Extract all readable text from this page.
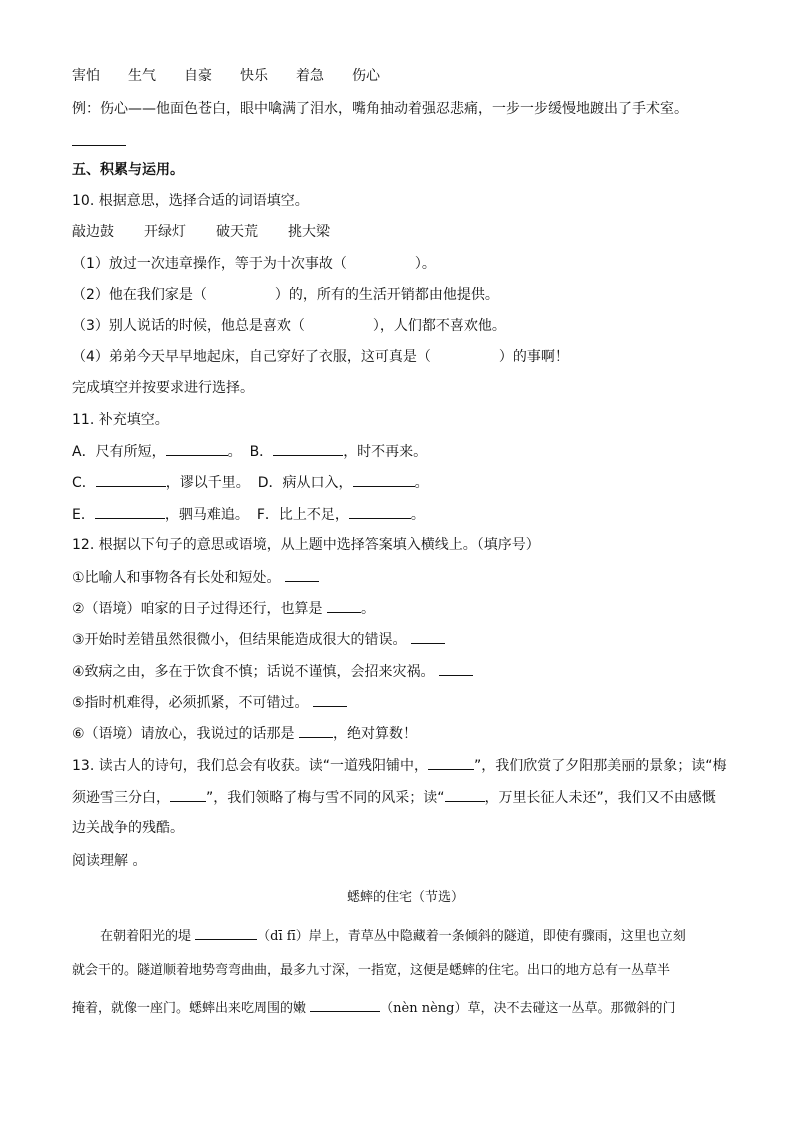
害怕 生气 自豪 快乐 着急 伤心
例：伤心——他面色苍白，眼中噙满了泪水，嘴角抽动着强忍悲痛，一步一步缓慢地踱出了手术室。
五、积累与运用。
10. 根据意思，选择合适的词语填空。
敲边鼓 开绿灯 破天荒 挑大梁
（1）放过一次违章操作，等于为十次事故（	）。
（2）他在我们家是（	）的，所有的生活开销都由他提供。
（3）别人说话的时候，他总是喜欢（	），人们都不喜欢他。
（4）弟弟今天早早地起床，自己穿好了衣服，这可真是（	）的事啊！
完成填空并按要求进行选择。
11. 补充填空。
A．尺有所短，	。 B．	，时不再来。
C．	，谬以千里。 D．病从口入，	。
E．	，驷马难追。 F．比上不足，	。
12. 根据以下句子的意思或语境，从上题中选择答案填入横线上。（填序号）
①比喻人和事物各有长处和短处。
②（语境）咱家的日子过得还行，也算是	。
③开始时差错虽然很微小，但结果能造成很大的错误。
④致病之由，多在于饮食不慎；话说不谨慎，会招来灾祸。
⑤指时机难得，必须抓紧，不可错过。
⑥（语境）请放心，我说过的话那是	，绝对算数！
13. 读古人的诗句，我们总会有收获。读“一道残阳铺中，	”，我们欣赏了夕阳那美丽的景象；读“梅
须逊雪三分白，	”，我们领略了梅与雪不同的风采；读“	，万里长征人未还”，我们又不由感慨
边关战争的残酷。
阅读理解 。
蟋蟀的住宅（节选）
在朝着阳光的堤	（dī fī）岸上，青草丛中隐藏着一条倾斜的隧道，即使有骤雨，这里也立刻
就会干的。隧道顺着地势弯弯曲曲，最多九寸深，一指宽，这便是蟋蟀的住宅。出口的地方总有一丛草半
掩着，就像一座门。蟋蟀出来吃周围的嫩	（nèn nèng）草，决不去碰这一丛草。那微斜的门
